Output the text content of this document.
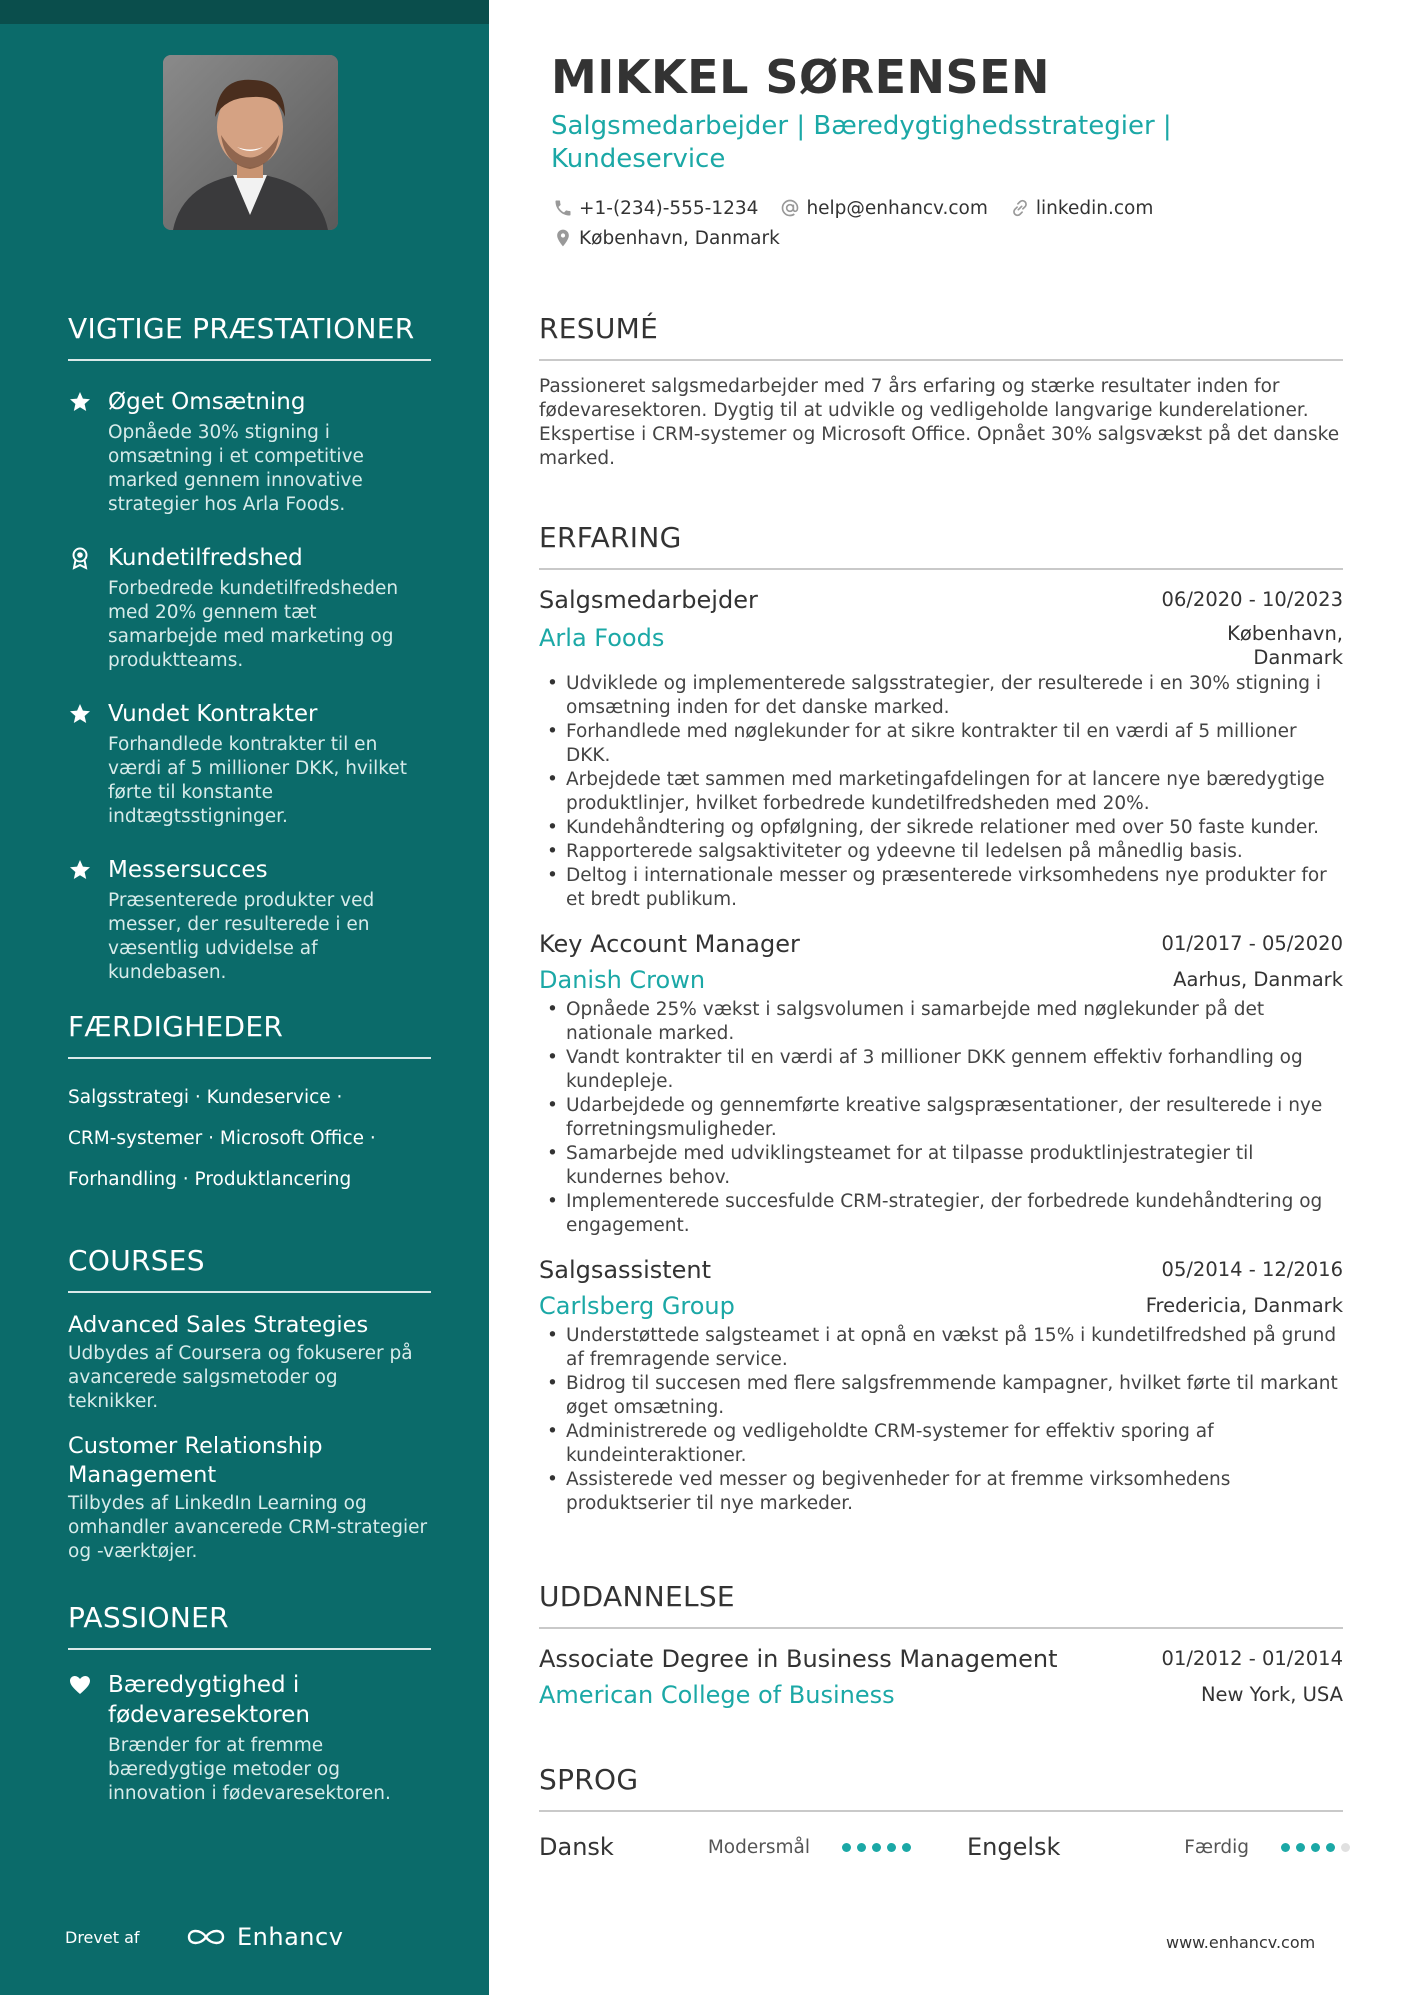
VIGTIGE PRÆSTATIONER
Øget Omsætning
Opnåede 30% stigning i omsætning i et competitive marked gennem innovative strategier hos Arla Foods.
Kundetilfredshed
Forbedrede kundetilfredsheden med 20% gennem tæt samarbejde med marketing og produktteams.
Vundet Kontrakter
Forhandlede kontrakter til en værdi af 5 millioner DKK, hvilket førte til konstante indtægtsstigninger.
Messersucces
Præsenterede produkter ved messer, der resulterede i en væsentlig udvidelse af kundebasen.
FÆRDIGHEDER
Salgsstrategi · Kundeservice ·
CRM-systemer · Microsoft Office ·
Forhandling · Produktlancering
COURSES
Advanced Sales Strategies
Udbydes af Coursera og fokuserer på avancerede salgsmetoder og teknikker.
Customer Relationship Management
Tilbydes af LinkedIn Learning og omhandler avancerede CRM-strategier og -værktøjer.
PASSIONER
Bæredygtighed i fødevaresektoren
Brænder for at fremme bæredygtige metoder og innovation i fødevaresektoren.
Drevet af	Enhancv
MIKKEL SØRENSEN
Salgsmedarbejder | Bæredygtighedsstrategier | Kundeservice
+1-(234)-555-1234	help@enhancv.com	linkedin.com
København, Danmark
RESUMÉ
Passioneret salgsmedarbejder med 7 års erfaring og stærke resultater inden for fødevaresektoren. Dygtig til at udvikle og vedligeholde langvarige kunderelationer. Ekspertise i CRM-systemer og Microsoft Office. Opnået 30% salgsvækst på det danske marked.
ERFARING
Salgsmedarbejder	06/2020 - 10/2023
Arla Foods	København,
Danmark
• Udviklede og implementerede salgsstrategier, der resulterede i en 30% stigning i omsætning inden for det danske marked.
• Forhandlede med nøglekunder for at sikre kontrakter til en værdi af 5 millioner DKK.
• Arbejdede tæt sammen med marketingafdelingen for at lancere nye bæredygtige produktlinjer, hvilket forbedrede kundetilfredsheden med 20%.
• Kundehåndtering og opfølgning, der sikrede relationer med over 50 faste kunder.
• Rapporterede salgsaktiviteter og ydeevne til ledelsen på månedlig basis.
• Deltog i internationale messer og præsenterede virksomhedens nye produkter for et bredt publikum.
Key Account Manager	01/2017 - 05/2020
Danish Crown	Aarhus, Danmark
• Opnåede 25% vækst i salgsvolumen i samarbejde med nøglekunder på det nationale marked.
• Vandt kontrakter til en værdi af 3 millioner DKK gennem effektiv forhandling og kundepleje.
• Udarbejdede og gennemførte kreative salgspræsentationer, der resulterede i nye forretningsmuligheder.
• Samarbejde med udviklingsteamet for at tilpasse produktlinjestrategier til kundernes behov.
• Implementerede succesfulde CRM-strategier, der forbedrede kundehåndtering og engagement.
Salgsassistent	05/2014 - 12/2016
Carlsberg Group	Fredericia, Danmark
• Understøttede salgsteamet i at opnå en vækst på 15% i kundetilfredshed på grund af fremragende service.
• Bidrog til succesen med flere salgsfremmende kampagner, hvilket førte til markant øget omsætning.
• Administrerede og vedligeholdte CRM-systemer for effektiv sporing af kundeinteraktioner.
• Assisterede ved messer og begivenheder for at fremme virksomhedens produktserier til nye markeder.
UDDANNELSE
Associate Degree in Business Management	01/2012 - 01/2014
American College of Business	New York, USA
SPROG
Dansk	Modersmål	Engelsk	Færdig
www.enhancv.com
